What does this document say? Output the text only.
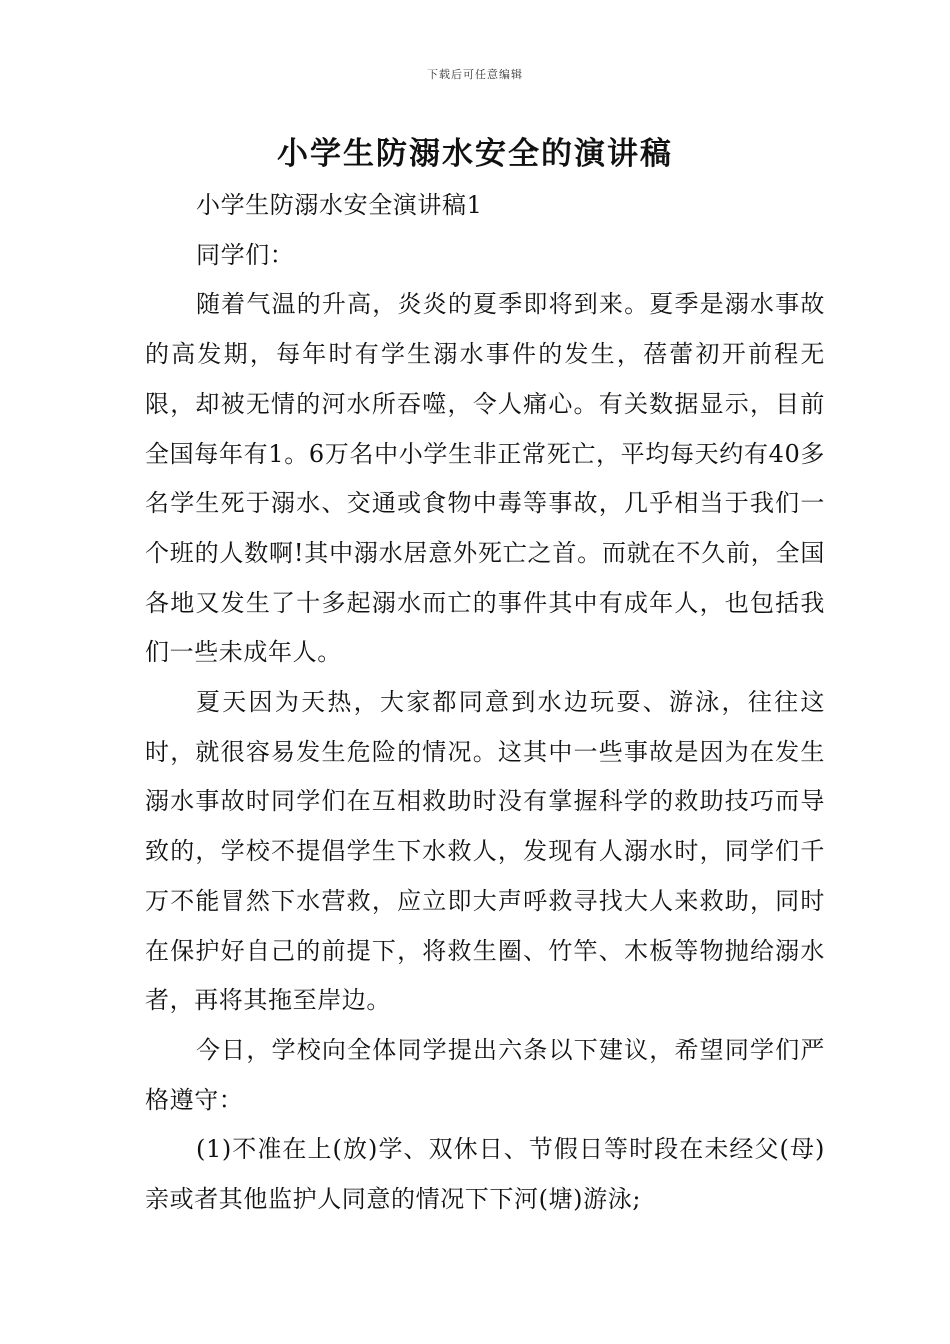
下载后可任意编辑
小学生防溺水安全的演讲稿

小学生防溺水安全演讲稿1

同学们：

随着气温的升高，炎炎的夏季即将到来。夏季是溺水事故的高发期，每年时有学生溺水事件的发生，蓓蕾初开前程无限，却被无情的河水所吞噬，令人痛心。有关数据显示，目前全国每年有1。6万名中小学生非正常死亡，平均每天约有40多名学生死于溺水、交通或食物中毒等事故，几乎相当于我们一个班的人数啊!其中溺水居意外死亡之首。而就在不久前，全国各地又发生了十多起溺水而亡的事件其中有成年人，也包括我们一些未成年人。

夏天因为天热，大家都同意到水边玩耍、游泳，往往这时，就很容易发生危险的情况。这其中一些事故是因为在发生溺水事故时同学们在互相救助时没有掌握科学的救助技巧而导致的，学校不提倡学生下水救人，发现有人溺水时，同学们千万不能冒然下水营救，应立即大声呼救寻找大人来救助，同时在保护好自己的前提下，将救生圈、竹竿、木板等物抛给溺水者，再将其拖至岸边。

今日，学校向全体同学提出六条以下建议，希望同学们严格遵守：

(1)不准在上(放)学、双休日、节假日等时段在未经父(母)亲或者其他监护人同意的情况下下河(塘)游泳;
